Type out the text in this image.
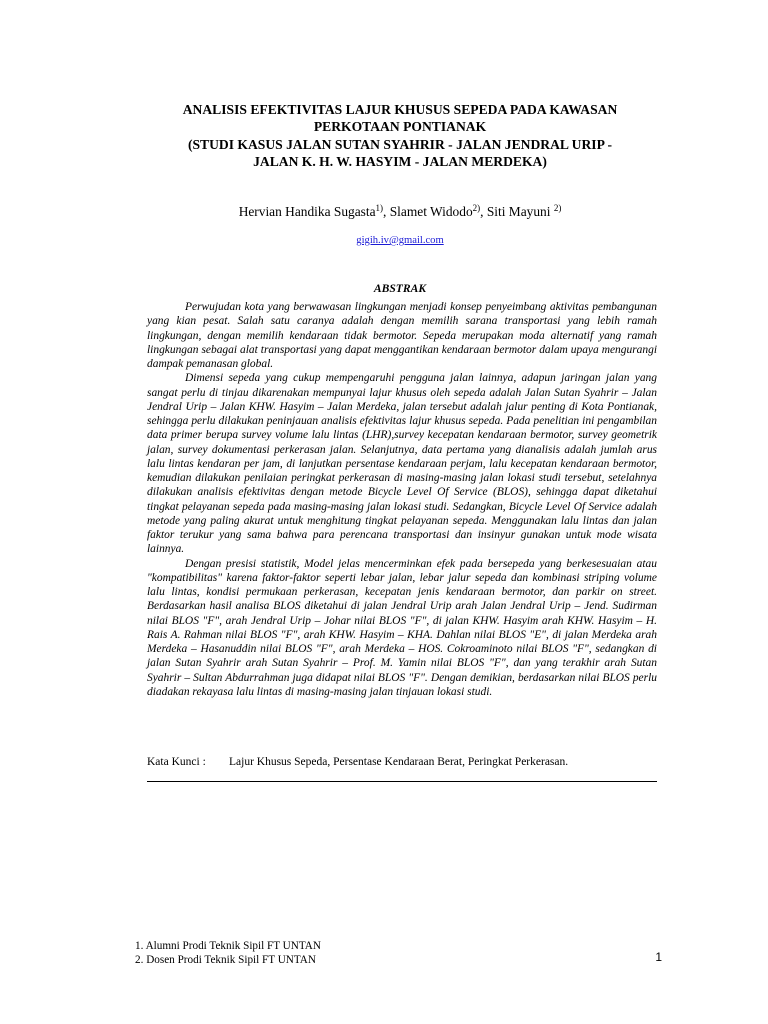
ANALISIS EFEKTIVITAS LAJUR KHUSUS SEPEDA PADA KAWASAN
PERKOTAAN PONTIANAK
(STUDI KASUS JALAN SUTAN SYAHRIR - JALAN JENDRAL URIP -
JALAN K. H. W. HASYIM - JALAN MERDEKA)
Hervian Handika Sugasta$^{1)}$, Slamet Widodo$^{2)}$, Siti Mayuni $^{2)}$
gigih.iv@gmail.com
ABSTRAK

Perwujudan kota yang berwawasan lingkungan menjadi konsep penyeimbang aktivitas pembangunan yang kian pesat. Salah satu caranya adalah dengan memilih sarana transportasi yang lebih ramah lingkungan, dengan memilih kendaraan tidak bermotor. Sepeda merupakan moda alternatif yang ramah lingkungan sebagai alat transportasi yang dapat menggantikan kendaraan bermotor dalam upaya mengurangi dampak pemanasan global.

Dimensi sepeda yang cukup mempengaruhi pengguna jalan lainnya, adapun jaringan jalan yang sangat perlu di tinjau dikarenakan mempunyai lajur khusus oleh sepeda adalah Jalan Sutan Syahrir – Jalan Jendral Urip – Jalan KHW. Hasyim – Jalan Merdeka, jalan tersebut adalah jalur penting di Kota Pontianak, sehingga perlu dilakukan peninjauan analisis efektivitas lajur khusus sepeda. Pada penelitian ini pengambilan data primer berupa survey volume lalu lintas (LHR),survey kecepatan kendaraan bermotor, survey geometrik jalan, survey dokumentasi perkerasan jalan. Selanjutnya, data pertama yang dianalisis adalah jumlah arus lalu lintas kendaran per jam, di lanjutkan persentase kendaraan perjam, lalu kecepatan kendaraan bermotor, kemudian dilakukan penilaian peringkat perkerasan di masing-masing jalan lokasi studi tersebut, setelahnya dilakukan analisis efektivitas dengan metode Bicycle Level Of Service (BLOS), sehingga dapat diketahui tingkat pelayanan sepeda pada masing-masing jalan lokasi studi. Sedangkan, Bicycle Level Of Service adalah metode yang paling akurat untuk menghitung tingkat pelayanan sepeda. Menggunakan lalu lintas dan jalan faktor terukur yang sama bahwa para perencana transportasi dan insinyur gunakan untuk mode wisata lainnya.

Dengan presisi statistik, Model jelas mencerminkan efek pada bersepeda yang berkesesuaian atau "kompatibilitas" karena faktor-faktor seperti lebar jalan, lebar jalur sepeda dan kombinasi striping volume lalu lintas, kondisi permukaan perkerasan, kecepatan jenis kendaraan bermotor, dan parkir on street. Berdasarkan hasil analisa BLOS diketahui di jalan Jendral Urip arah Jalan Jendral Urip – Jend. Sudirman nilai BLOS "F", arah Jendral Urip – Johar nilai BLOS "F", di jalan KHW. Hasyim arah KHW. Hasyim – H. Rais A. Rahman nilai BLOS "F", arah KHW. Hasyim – KHA. Dahlan nilai BLOS "E", di jalan Merdeka arah Merdeka – Hasanuddin nilai BLOS "F", arah Merdeka – HOS. Cokroaminoto nilai BLOS "F", sedangkan di jalan Sutan Syahrir arah Sutan Syahrir – Prof. M. Yamin nilai BLOS "F", dan yang terakhir arah Sutan Syahrir – Sultan Abdurrahman juga didapat nilai BLOS "F". Dengan demikian, berdasarkan nilai BLOS perlu diadakan rekayasa lalu lintas di masing-masing jalan tinjauan lokasi studi.

Kata Kunci : Lajur Khusus Sepeda, Persentase Kendaraan Berat, Peringkat Perkerasan.
1. Alumni Prodi Teknik Sipil FT UNTAN
2. Dosen Prodi Teknik Sipil FT UNTAN	1
